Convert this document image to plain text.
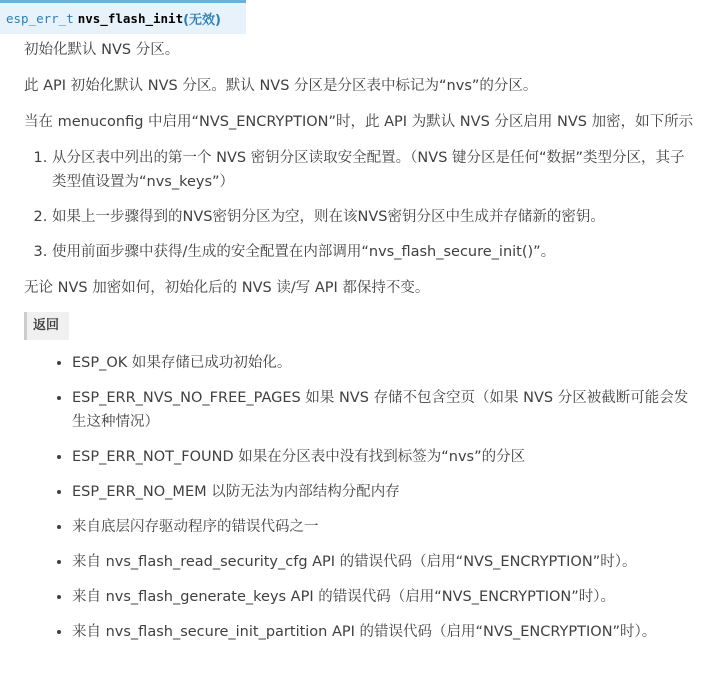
esp_err_t nvs_flash_init (无效)

初始化默认 NVS 分区。

此 API 初始化默认 NVS 分区。默认 NVS 分区是分区表中标记为“nvs”的分区。

当在 menuconfig 中启用“NVS_ENCRYPTION”时，此 API 为默认 NVS 分区启用 NVS 加密，如下所示

1. 从分区表中列出的第一个 NVS 密钥分区读取安全配置。（NVS 键分区是任何“数据”类型分区，其子类型值设置为“nvs_keys”）
2. 如果上一步骤得到的NVS密钥分区为空，则在该NVS密钥分区中生成并存储新的密钥。
3. 使用前面步骤中获得/生成的安全配置在内部调用“nvs_flash_secure_init()”。

无论 NVS 加密如何，初始化后的 NVS 读/写 API 都保持不变。

返回
• ESP_OK 如果存储已成功初始化。
• ESP_ERR_NVS_NO_FREE_PAGES 如果 NVS 存储不包含空页（如果 NVS 分区被截断可能会发生这种情况）
• ESP_ERR_NOT_FOUND 如果在分区表中没有找到标签为“nvs”的分区
• ESP_ERR_NO_MEM 以防无法为内部结构分配内存
• 来自底层闪存驱动程序的错误代码之一
• 来自 nvs_flash_read_security_cfg API 的错误代码（启用“NVS_ENCRYPTION”时）。
• 来自 nvs_flash_generate_keys API 的错误代码（启用“NVS_ENCRYPTION”时）。
• 来自 nvs_flash_secure_init_partition API 的错误代码（启用“NVS_ENCRYPTION”时）。
